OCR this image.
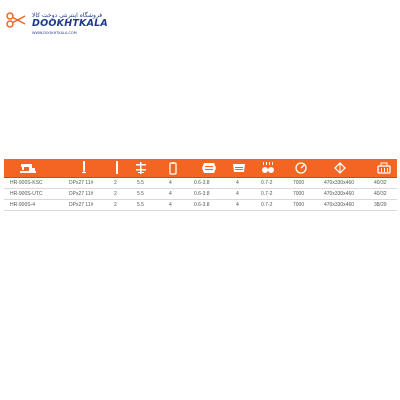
فروشگاه اینترنتی دوخت کالا
DOOKHTKALA
WWW.DOOKHTKALA.COM
HR-900S-KSC	DPx27 11#	2	5.5	4	0.6-3.8	4	0.7-2	7000	470x330x460	40/32
HR-900S-UTC	DPx27 11#	2	5.5	4	0.6-3.8	4	0.7-2	7000	470x330x460	40/32
HR-900S-4	DPx27 11#	2	5.5	4	0.6-3.8	4	0.7-2	7000	470x330x460	38/29
